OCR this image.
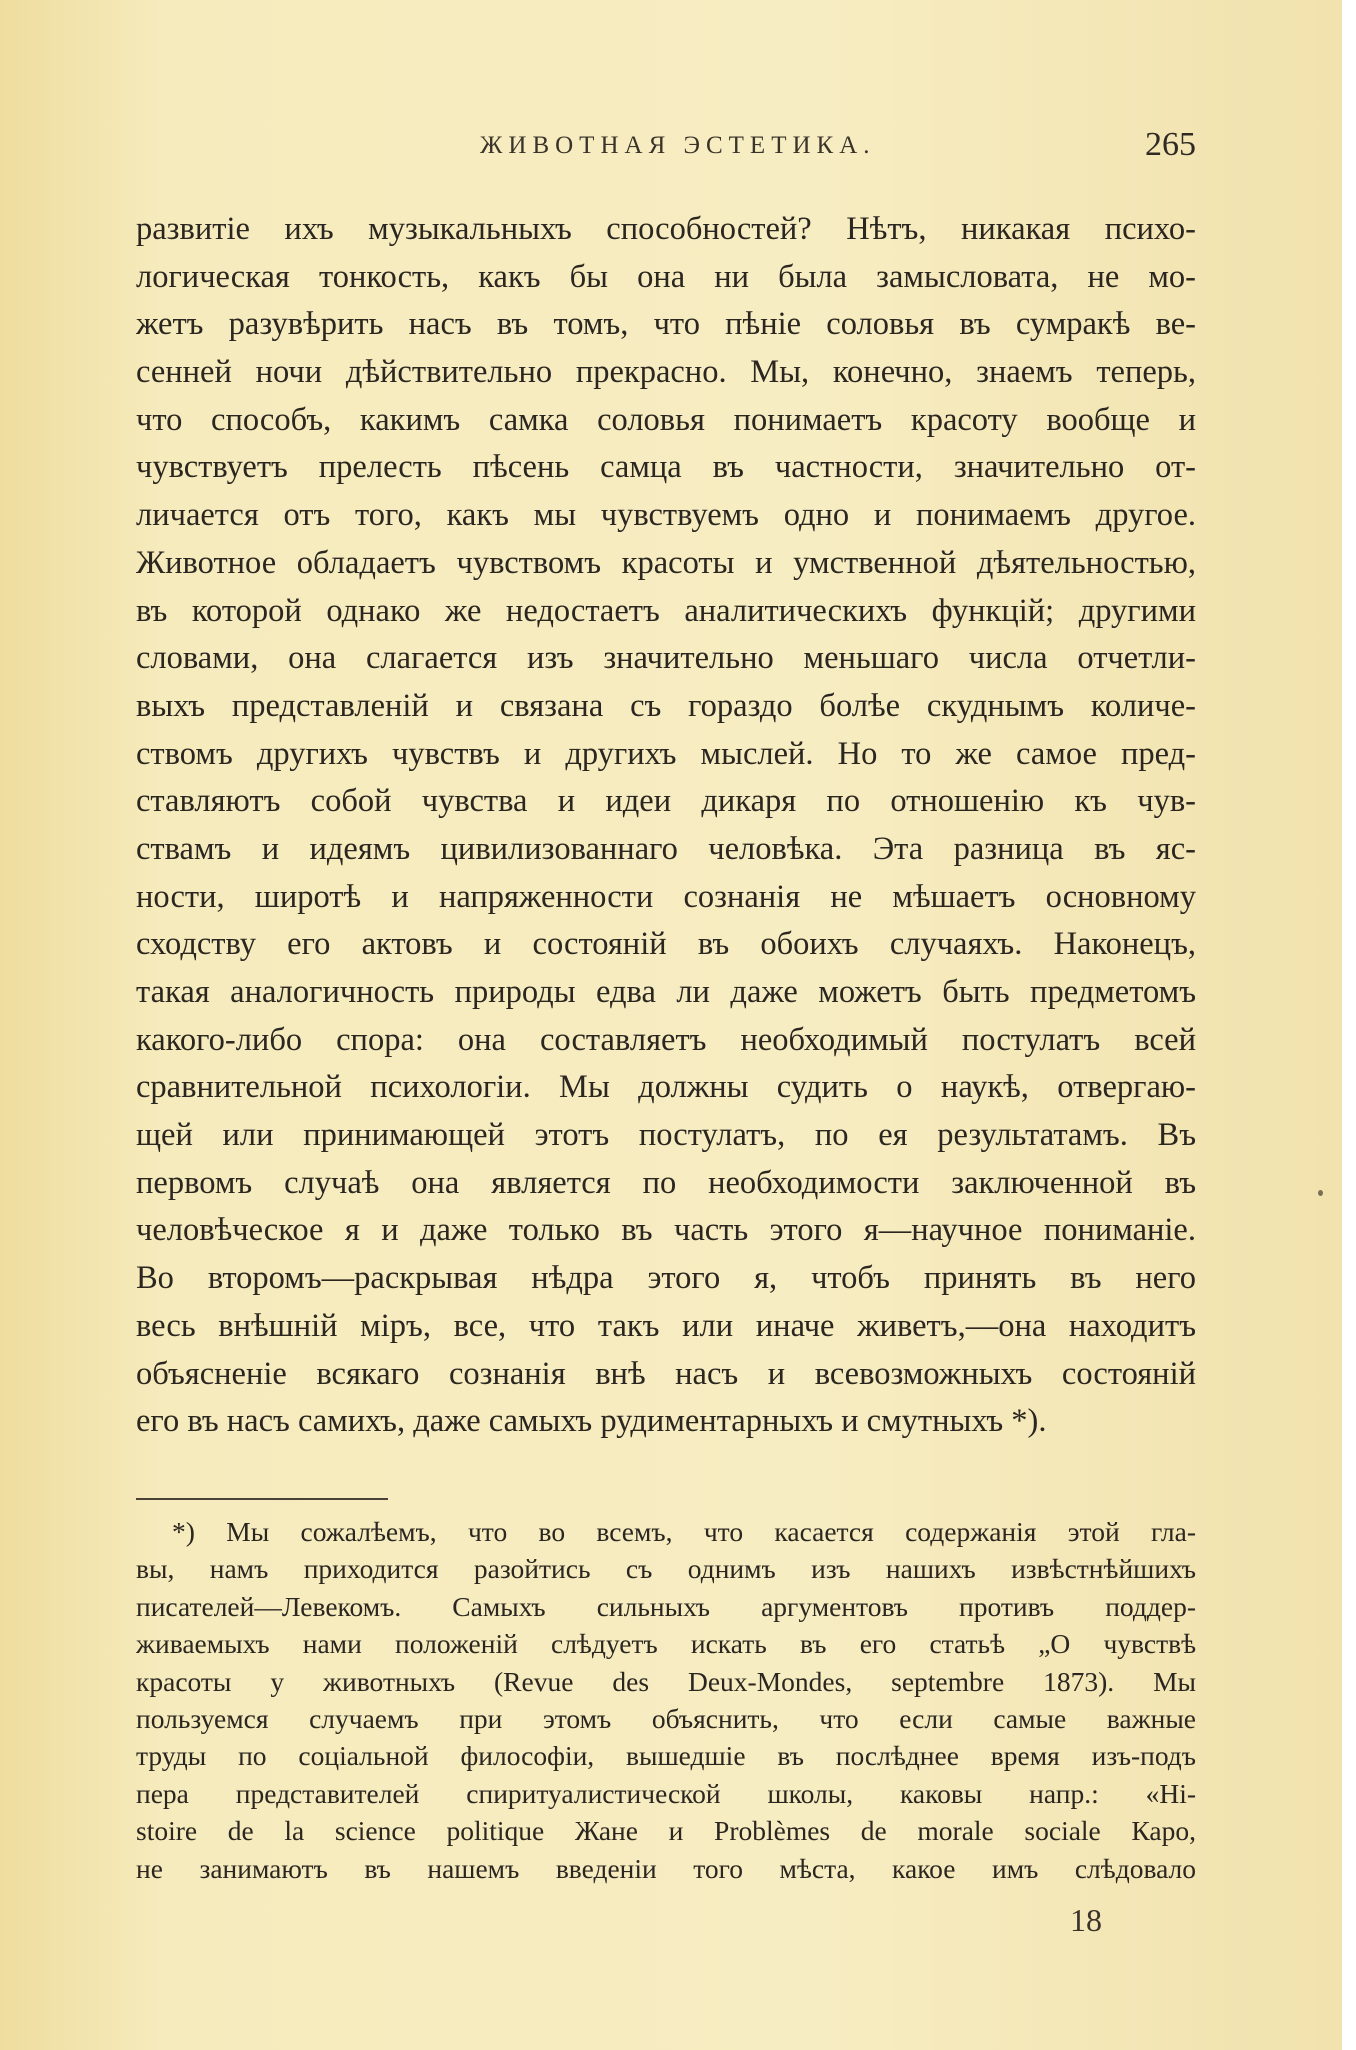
ЖИВОТНАЯ ЭСТЕТИКА.	265
развитіе ихъ музыкальныхъ способностей? Нѣтъ, никакая психо-
логическая тонкость, какъ бы она ни была замысловата, не мо-
жетъ разувѣрить насъ въ томъ, что пѣніе соловья въ сумракѣ ве-
сенней ночи дѣйствительно прекрасно. Мы, конечно, знаемъ теперь,
что способъ, какимъ самка соловья понимаетъ красоту вообще и
чувствуетъ прелесть пѣсень самца въ частности, значительно от-
личается отъ того, какъ мы чувствуемъ одно и понимаемъ другое.
Животное обладаетъ чувствомъ красоты и умственной дѣятельностью,
въ которой однако же недостаетъ аналитическихъ функцій; другими
словами, она слагается изъ значительно меньшаго числа отчетли-
выхъ представленій и связана съ гораздо болѣе скуднымъ количе-
ствомъ другихъ чувствъ и другихъ мыслей. Но то же самое пред-
ставляютъ собой чувства и идеи дикаря по отношенію къ чув-
ствамъ и идеямъ цивилизованнаго человѣка. Эта разница въ яс-
ности, широтѣ и напряженности сознанія не мѣшаетъ основному
сходству его актовъ и состояній въ обоихъ случаяхъ. Наконецъ,
такая аналогичность природы едва ли даже можетъ быть предметомъ
какого-либо спора: она составляетъ необходимый постулатъ всей
сравнительной психологіи. Мы должны судить о наукѣ, отвергаю-
щей или принимающей этотъ постулатъ, по ея результатамъ. Въ
первомъ случаѣ она является по необходимости заключенной въ
человѣческое я и даже только въ часть этого я—научное пониманіе.
Во второмъ—раскрывая нѣдра этого я, чтобъ принять въ него
весь внѣшній міръ, все, что такъ или иначе живетъ,—она находитъ
объясненіе всякаго сознанія внѣ насъ и всевозможныхъ состояній
его въ насъ самихъ, даже самыхъ рудиментарныхъ и смутныхъ *).
*) Мы сожалѣемъ, что во всемъ, что касается содержанія этой гла-
вы, намъ приходится разойтись съ однимъ изъ нашихъ извѣстнѣйшихъ
писателей—Левекомъ. Самыхъ сильныхъ аргументовъ противъ поддер-
живаемыхъ нами положеній слѣдуетъ искать въ его статьѣ „О чувствѣ
красоты у животныхъ (Revue des Deux-Mondes, septembre 1873). Мы
пользуемся случаемъ при этомъ объяснить, что если самые важные
труды по соціальной философіи, вышедшіе въ послѣднее время изъ-подъ
пера представителей спиритуалистической школы, каковы напр.: «Hi-
stoire de la science politique Жане и Problèmes de morale sociale Каро,
не занимаютъ въ нашемъ введеніи того мѣста, какое имъ слѣдовало
18
